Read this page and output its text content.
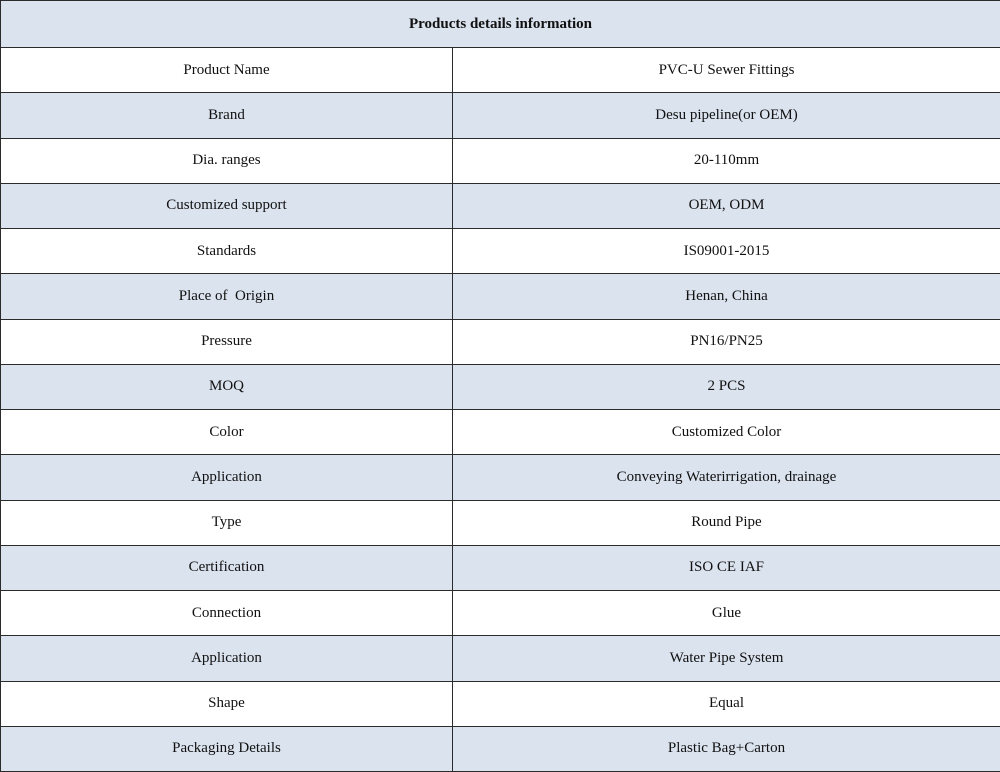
Products details information	
Product Name	PVC-U Sewer Fittings
Brand	Desu pipeline(or OEM)
Dia. ranges	20-110mm
Customized support	OEM, ODM
Standards	IS09001-2015
Place of  Origin	Henan, China
Pressure	PN16/PN25
MOQ	2 PCS
Color	Customized Color
Application	Conveying Waterirrigation, drainage
Type	Round Pipe
Certification	ISO CE IAF
Connection	Glue
Application	Water Pipe System
Shape	Equal
Packaging Details	Plastic Bag+Carton
